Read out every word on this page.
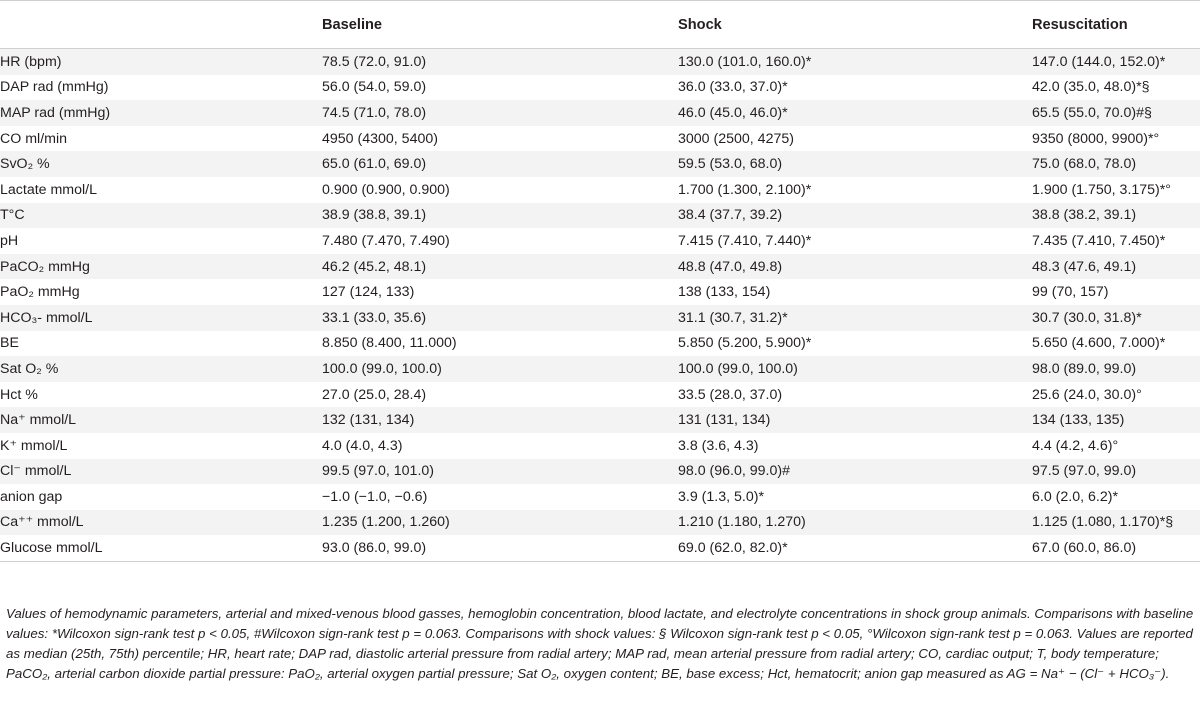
	Baseline	Shock	Resuscitation
HR (bpm)	78.5 (72.0, 91.0)	130.0 (101.0, 160.0)*	147.0 (144.0, 152.0)*
DAP rad (mmHg)	56.0 (54.0, 59.0)	36.0 (33.0, 37.0)*	42.0 (35.0, 48.0)*§
MAP rad (mmHg)	74.5 (71.0, 78.0)	46.0 (45.0, 46.0)*	65.5 (55.0, 70.0)#§
CO ml/min	4950 (4300, 5400)	3000 (2500, 4275)	9350 (8000, 9900)*°
SvO₂ %	65.0 (61.0, 69.0)	59.5 (53.0, 68.0)	75.0 (68.0, 78.0)
Lactate mmol/L	0.900 (0.900, 0.900)	1.700 (1.300, 2.100)*	1.900 (1.750, 3.175)*°
T°C	38.9 (38.8, 39.1)	38.4 (37.7, 39.2)	38.8 (38.2, 39.1)
pH	7.480 (7.470, 7.490)	7.415 (7.410, 7.440)*	7.435 (7.410, 7.450)*
PaCO₂ mmHg	46.2 (45.2, 48.1)	48.8 (47.0, 49.8)	48.3 (47.6, 49.1)
PaO₂ mmHg	127 (124, 133)	138 (133, 154)	99 (70, 157)
HCO₃- mmol/L	33.1 (33.0, 35.6)	31.1 (30.7, 31.2)*	30.7 (30.0, 31.8)*
BE	8.850 (8.400, 11.000)	5.850 (5.200, 5.900)*	5.650 (4.600, 7.000)*
Sat O₂ %	100.0 (99.0, 100.0)	100.0 (99.0, 100.0)	98.0 (89.0, 99.0)
Hct %	27.0 (25.0, 28.4)	33.5 (28.0, 37.0)	25.6 (24.0, 30.0)°
Na⁺ mmol/L	132 (131, 134)	131 (131, 134)	134 (133, 135)
K⁺ mmol/L	4.0 (4.0, 4.3)	3.8 (3.6, 4.3)	4.4 (4.2, 4.6)°
Cl⁻ mmol/L	99.5 (97.0, 101.0)	98.0 (96.0, 99.0)#	97.5 (97.0, 99.0)
anion gap	−1.0 (−1.0, −0.6)	3.9 (1.3, 5.0)*	6.0 (2.0, 6.2)*
Ca⁺⁺ mmol/L	1.235 (1.200, 1.260)	1.210 (1.180, 1.270)	1.125 (1.080, 1.170)*§
Glucose mmol/L	93.0 (86.0, 99.0)	69.0 (62.0, 82.0)*	67.0 (60.0, 86.0)
Values of hemodynamic parameters, arterial and mixed-venous blood gasses, hemoglobin concentration, blood lactate, and electrolyte concentrations in shock group animals. Comparisons with baseline values: *Wilcoxon sign-rank test p < 0.05, #Wilcoxon sign-rank test p = 0.063. Comparisons with shock values: § Wilcoxon sign-rank test p < 0.05, °Wilcoxon sign-rank test p = 0.063. Values are reported as median (25th, 75th) percentile; HR, heart rate; DAP rad, diastolic arterial pressure from radial artery; MAP rad, mean arterial pressure from radial artery; CO, cardiac output; T, body temperature; PaCO₂, arterial carbon dioxide partial pressure: PaO₂, arterial oxygen partial pressure; Sat O₂, oxygen content; BE, base excess; Hct, hematocrit; anion gap measured as AG = Na⁺ − (Cl⁻ + HCO₃⁻).
